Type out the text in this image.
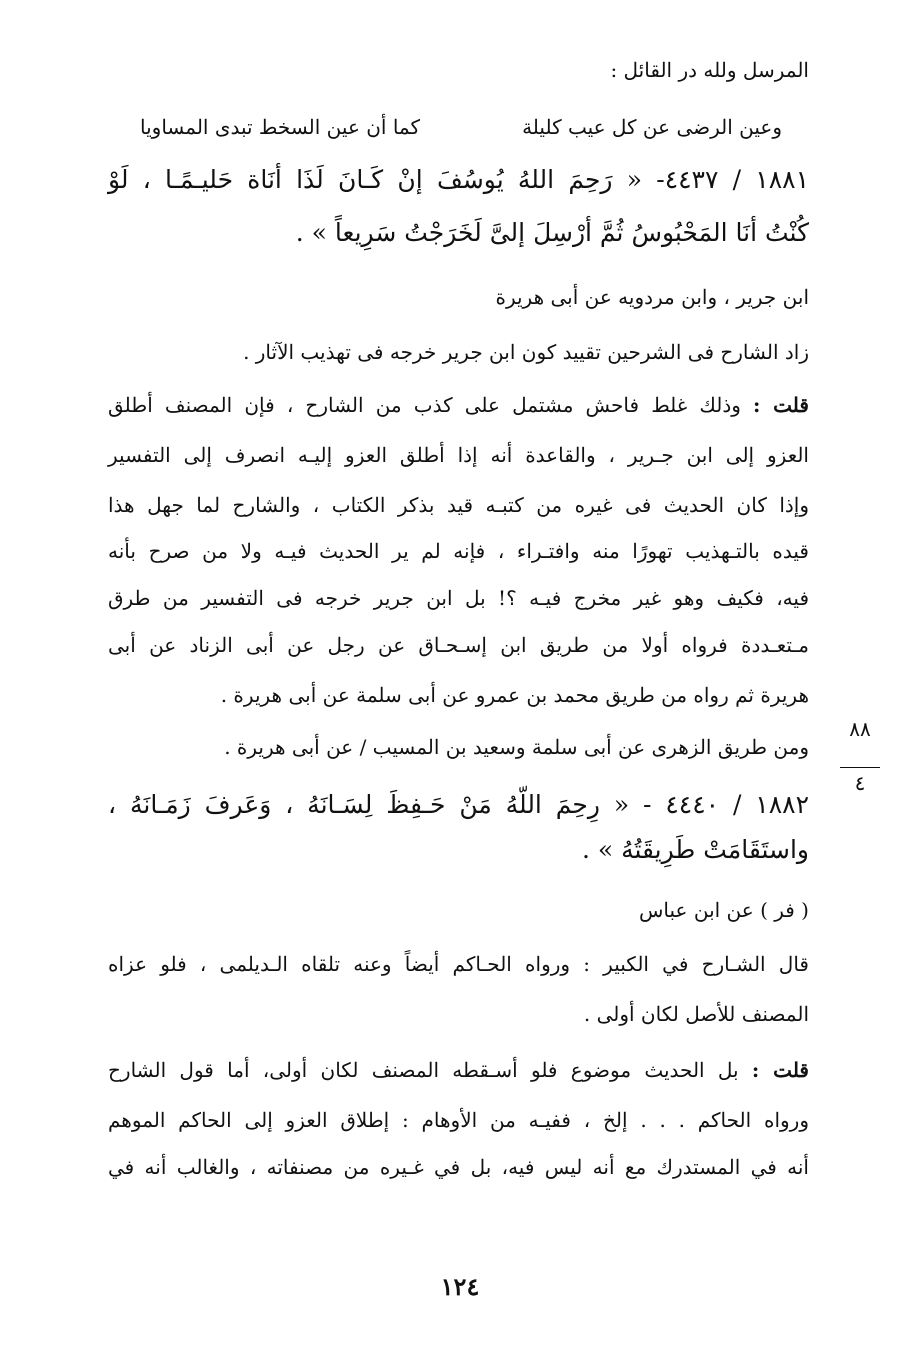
المرسل ولله در القائل :
وعين الرضى عن كل عيب كليلة
كما أن عين السخط تبدى المساويا
١٨٨١ / ٤٤٣٧- « رَحِمَ اللهُ يُوسُفَ إنْ كَـانَ لَذَا أنَاة حَليـمًـا ، لَوْ
كُنْتُ أنَا المَحْبُوسُ ثُمَّ أرْسِلَ إلىَّ لَخَرَجْتُ سَرِيعاً » .
ابن جرير ، وابن مردويه عن أبى هريرة
زاد الشارح فى الشرحين تقييد كون ابن جرير خرجه فى تهذيب الآثار .
قلت : وذلك غلط فاحش مشتمل على كذب من الشارح ، فإن المصنف أطلق
العزو إلى ابن جـرير ، والقاعدة أنه إذا أطلق العزو إليـه انصرف إلى التفسير
وإذا كان الحديث فى غيره من كتبـه قيد بذكر الكتاب ، والشارح لما جهل هذا
قيده بالتـهذيب تهورًا منه وافتـراء ، فإنه لم ير الحديث فيـه ولا من صرح بأنه
فيه، فكيف وهو غير مخرج فيـه ؟! بل ابن جرير خرجه فى التفسير من طرق
مـتعـددة فرواه أولا من طريق ابن إسـحـاق عن رجل عن أبى الزناد عن أبى
هريرة ثم رواه من طريق محمد بن عمرو عن أبى سلمة عن أبى هريرة .
ومن طريق الزهرى عن أبى سلمة وسعيد بن المسيب / عن أبى هريرة .
٨٨
٤
١٨٨٢ / ٤٤٤٠ - « رِحِمَ اللّهُ مَنْ حَـفِظَ لِسَـانَهُ ، وَعَرفَ زَمَـانَهُ ،
واستَقَامَتْ طَرِيقَتُهُ » .
( فر ) عن ابن عباس
قال الشـارح في الكبير : ورواه الحـاكم أيضاً وعنه تلقاه الـديلمى ، فلو عزاه
المصنف للأصل لكان أولى .
قلت : بل الحديث موضوع فلو أسـقطه المصنف لكان أولى، أما قول الشارح
ورواه الحاكم . . . إلخ ، ففيـه من الأوهام : إطلاق العزو إلى الحاكم الموهم
أنه في المستدرك مع أنه ليس فيه، بل في غـيره من مصنفاته ، والغالب أنه في
١٢٤
